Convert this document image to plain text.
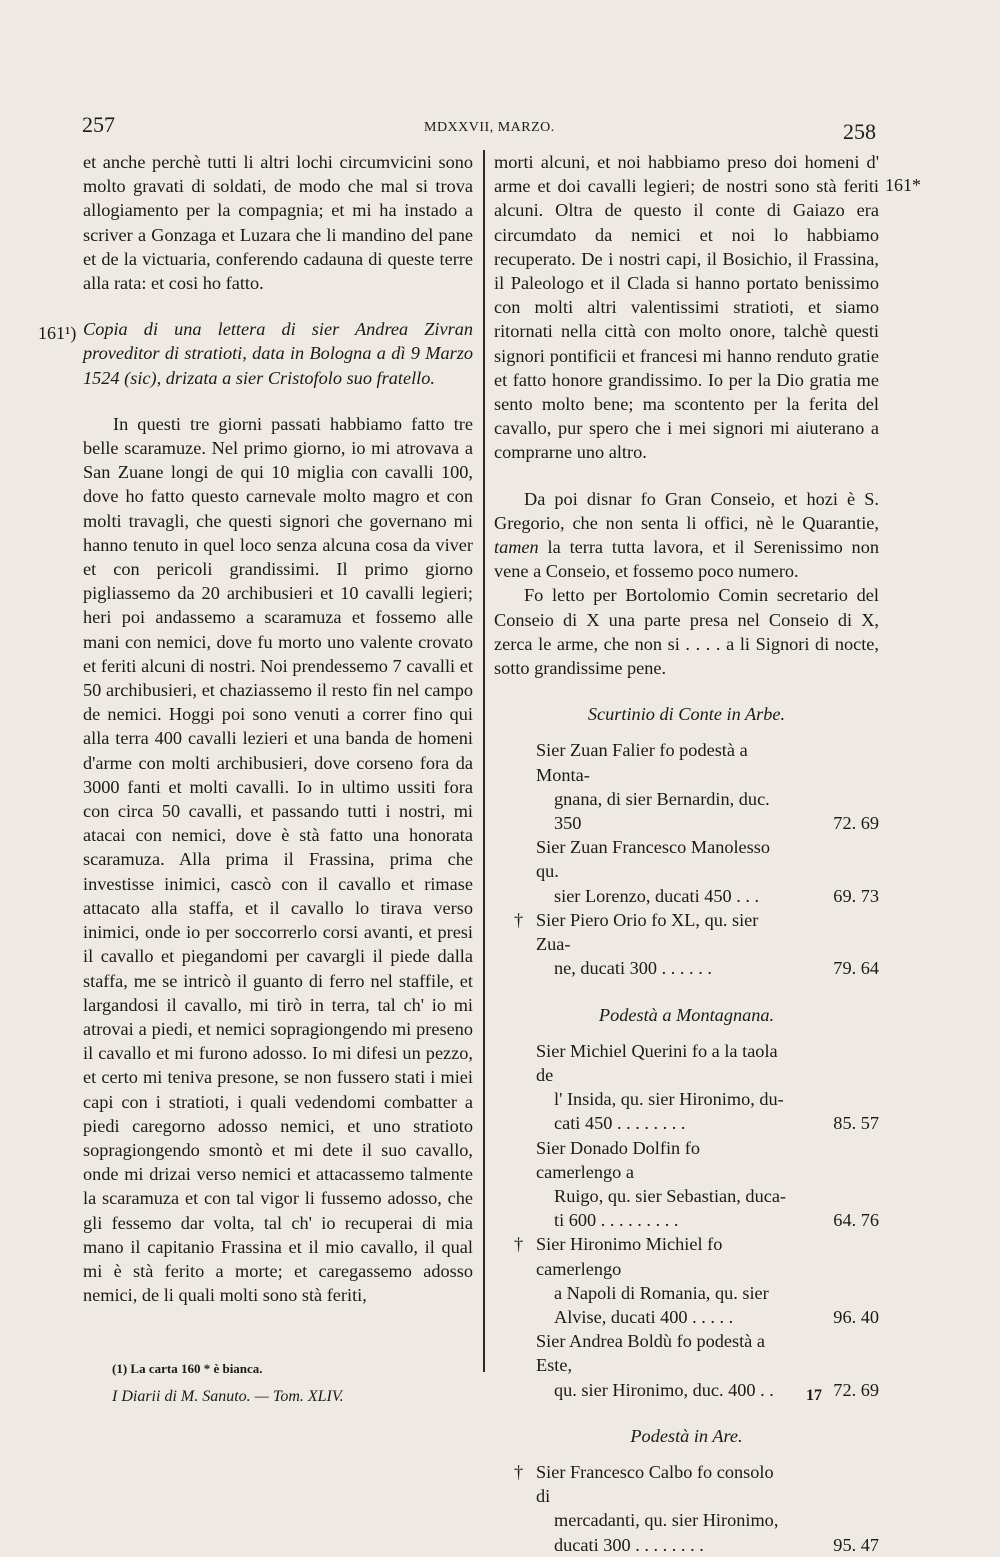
257	MDXXVII, MARZO.	258
161¹)
161*

et anche perchè tutti li altri lochi circumvicini sono molto gravati di soldati, de modo che mal si trova allogiamento per la compagnia; et mi ha instado a scriver a Gonzaga et Luzara che li mandino del pane et de la victuaria, conferendo cadauna di queste terre alla rata: et cosi ho fatto.

Copia di una lettera di sier Andrea Zivran proveditor di stratioti, data in Bologna a dì 9 Marzo 1524 (sic), drizata a sier Cristofolo suo fratello.

In questi tre giorni passati habbiamo fatto tre belle scaramuze. Nel primo giorno, io mi atrovava a San Zuane longi de qui 10 miglia con cavalli 100, dove ho fatto questo carnevale molto magro et con molti travagli, che questi signori che governano mi hanno tenuto in quel loco senza alcuna cosa da viver et con pericoli grandissimi. Il primo giorno pigliassemo da 20 archibusieri et 10 cavalli legieri; heri poi andassemo a scaramuza et fossemo alle mani con nemici, dove fu morto uno valente crovato et feriti alcuni di nostri. Noi prendessemo 7 cavalli et 50 archibusieri, et chaziassemo il resto fin nel campo de nemici. Hoggi poi sono venuti a correr fino qui alla terra 400 cavalli lezieri et una banda de homeni d'arme con molti archibusieri, dove corseno fora da 3000 fanti et molti cavalli. Io in ultimo ussiti fora con circa 50 cavalli, et passando tutti i nostri, mi atacai con nemici, dove è stà fatto una honorata scaramuza. Alla prima il Frassina, prima che investisse inimici, cascò con il cavallo et rimase attacato alla staffa, et il cavallo lo tirava verso inimici, onde io per soccorrerlo corsi avanti, et presi il cavallo et piegandomi per cavargli il piede dalla staffa, me se intricò il guanto di ferro nel staffile, et largandosi il cavallo, mi tirò in terra, tal ch' io mi atrovai a piedi, et nemici sopragiongendo mi preseno il cavallo et mi furono adosso. Io mi difesi un pezzo, et certo mi teniva presone, se non fussero stati i miei capi con i stratioti, i quali vedendomi combatter a piedi caregorno adosso nemici, et uno stratioto sopragiongendo smontò et mi dete il suo cavallo, onde mi drizai verso nemici et attacassemo talmente la scaramuza et con tal vigor li fussemo adosso, che gli fessemo dar volta, tal ch' io recuperai di mia mano il capitanio Frassina et il mio cavallo, il qual mi è stà ferito a morte; et caregassemo adosso nemici, de li quali molti sono stà feriti,

morti alcuni, et noi habbiamo preso doi homeni d' arme et doi cavalli legieri; de nostri sono stà feriti alcuni. Oltra de questo il conte di Gaiazo era circumdato da nemici et noi lo habbiamo recuperato. De i nostri capi, il Bosichio, il Frassina, il Paleologo et il Clada si hanno portato benissimo con molti altri valentissimi stratioti, et siamo ritornati nella città con molto onore, talchè questi signori pontificii et francesi mi hanno renduto gratie et fatto honore grandissimo. Io per la Dio gratia me sento molto bene; ma scontento per la ferita del cavallo, pur spero che i mei signori mi aiuterano a comprarne uno altro.

Da poi disnar fo Gran Conseio, et hozi è S. Gregorio, che non senta li offici, nè le Quarantie, tamen la terra tutta lavora, et il Serenissimo non vene a Conseio, et fossemo poco numero.

Fo letto per Bortolomio Comin secretario del Conseio di X una parte presa nel Conseio di X, zerca le arme, che non si . . . . a li Signori di nocte, sotto grandissime pene.

Scurtinio di Conte in Arbe.

Sier Zuan Falier fo podestà a Monta-
gnana, di sier Bernardin, duc. 350	72. 69

Sier Zuan Francesco Manolesso qu.
sier Lorenzo, ducati 450 . . .	69. 73

† Sier Piero Orio fo XL, qu. sier Zua-
ne, ducati 300 . . . . . .	79. 64

Podestà a Montagnana.

Sier Michiel Querini fo a la taola de
l' Insida, qu. sier Hironimo, du-
cati 450 . . . . . . . .	85. 57

Sier Donado Dolfin fo camerlengo a
Ruigo, qu. sier Sebastian, duca-
ti 600 . . . . . . . . .	64. 76

† Sier Hironimo Michiel fo camerlengo
a Napoli di Romania, qu. sier
Alvise, ducati 400 . . . . .	96. 40

Sier Andrea Boldù fo podestà a Este,
qu. sier Hironimo, duc. 400 . .	72. 69

Podestà in Are.

† Sier Francesco Calbo fo consolo di
mercadanti, qu. sier Hironimo,
ducati 300 . . . . . . . .	95. 47

(1) La carta 160 * è bianca.
I Diarii di M. Sanuto. — Tom. XLIV.	17
